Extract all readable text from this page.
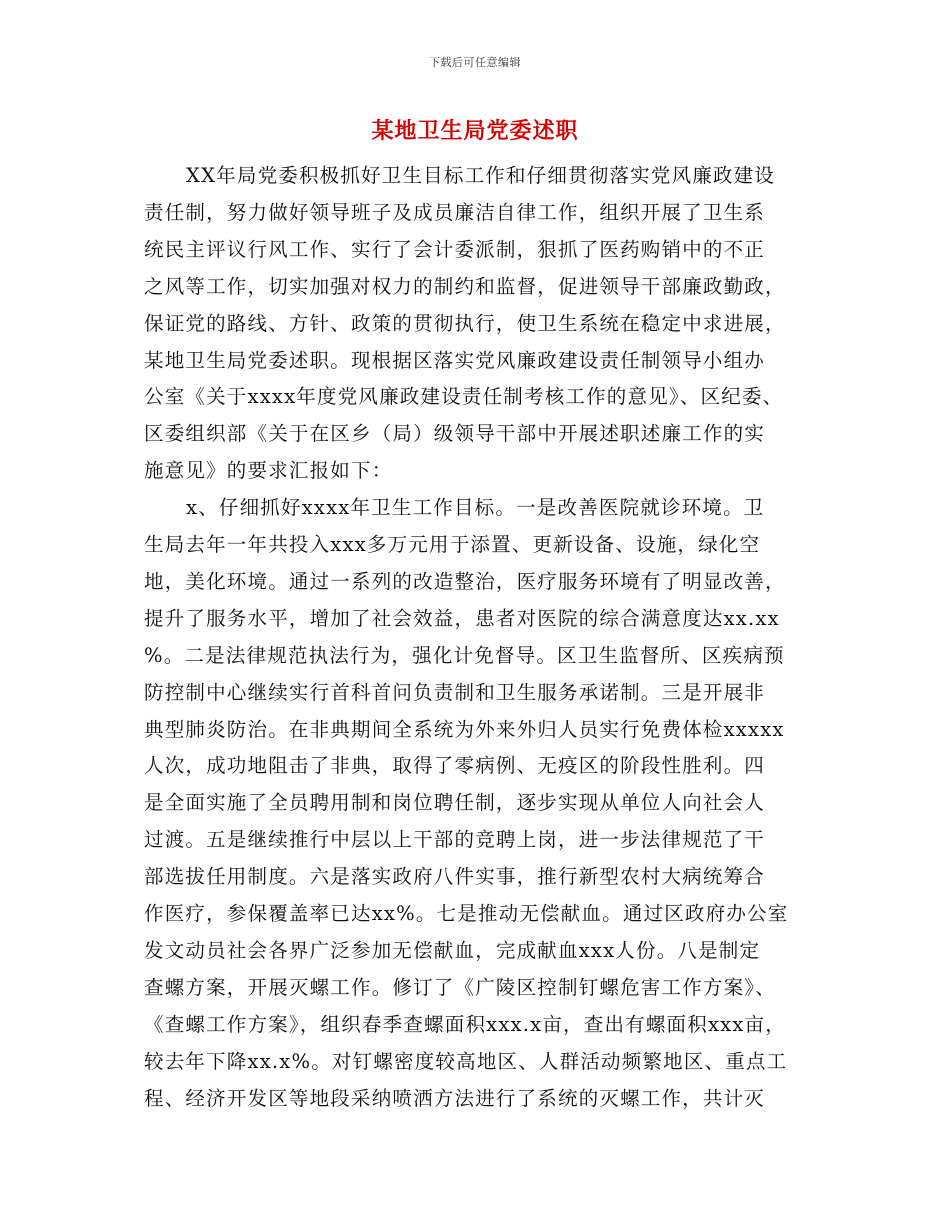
下载后可任意编辑
某地卫生局党委述职
XX年局党委积极抓好卫生目标工作和仔细贯彻落实党风廉政建设
责任制，努力做好领导班子及成员廉洁自律工作，组织开展了卫生系
统民主评议行风工作、实行了会计委派制，狠抓了医药购销中的不正
之风等工作，切实加强对权力的制约和监督，促进领导干部廉政勤政，
保证党的路线、方针、政策的贯彻执行，使卫生系统在稳定中求进展，
某地卫生局党委述职。现根据区落实党风廉政建设责任制领导小组办
公室《关于xxxx年度党风廉政建设责任制考核工作的意见》、区纪委、
区委组织部《关于在区乡（局）级领导干部中开展述职述廉工作的实
施意见》的要求汇报如下：
x、仔细抓好xxxx年卫生工作目标。一是改善医院就诊环境。卫
生局去年一年共投入xxx多万元用于添置、更新设备、设施，绿化空
地，美化环境。通过一系列的改造整治，医疗服务环境有了明显改善，
提升了服务水平，增加了社会效益，患者对医院的综合满意度达xx.xx
%。二是法律规范执法行为，强化计免督导。区卫生监督所、区疾病预
防控制中心继续实行首科首问负责制和卫生服务承诺制。三是开展非
典型肺炎防治。在非典期间全系统为外来外归人员实行免费体检xxxxx
人次，成功地阻击了非典，取得了零病例、无疫区的阶段性胜利。四
是全面实施了全员聘用制和岗位聘任制，逐步实现从单位人向社会人
过渡。五是继续推行中层以上干部的竞聘上岗，进一步法律规范了干
部选拔任用制度。六是落实政府八件实事，推行新型农村大病统筹合
作医疗，参保覆盖率已达xx%。七是推动无偿献血。通过区政府办公室
发文动员社会各界广泛参加无偿献血，完成献血xxx人份。八是制定
查螺方案，开展灭螺工作。修订了《广陵区控制钉螺危害工作方案》、
《查螺工作方案》，组织春季查螺面积xxx.x亩，查出有螺面积xxx亩，
较去年下降xx.x%。对钉螺密度较高地区、人群活动频繁地区、重点工
程、经济开发区等地段采纳喷洒方法进行了系统的灭螺工作，共计灭
